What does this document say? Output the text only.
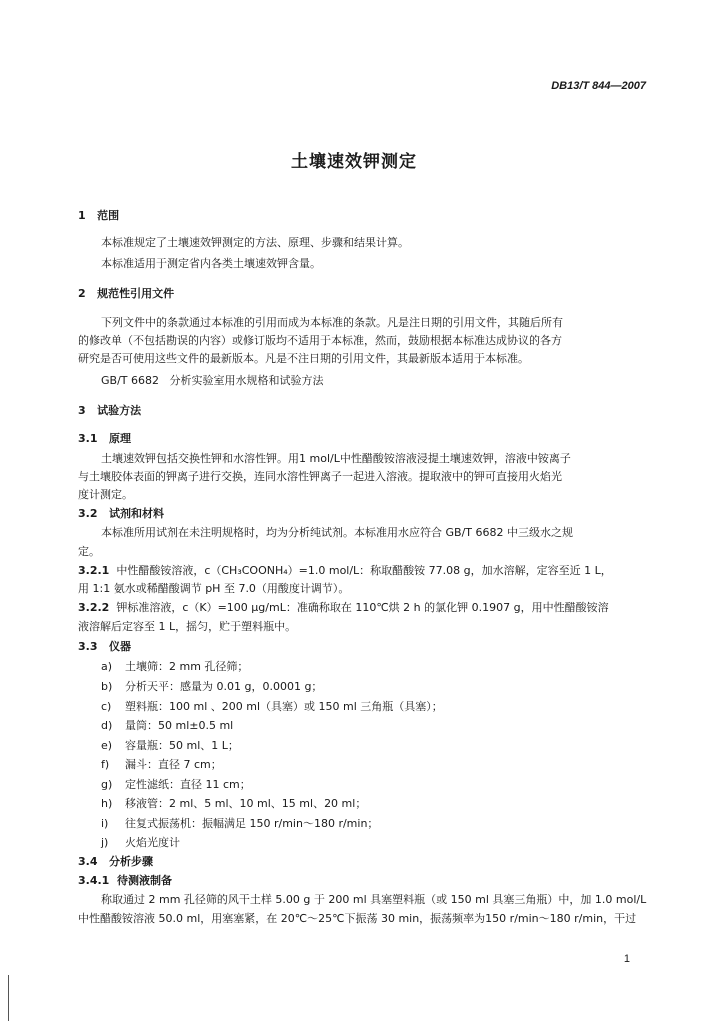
DB13/T 844—2007
土壤速效钾测定
1 范围
本标准规定了土壤速效钾测定的方法、原理、步骤和结果计算。
本标准适用于测定省内各类土壤速效钾含量。
2 规范性引用文件
下列文件中的条款通过本标准的引用而成为本标准的条款。凡是注日期的引用文件，其随后所有
的修改单（不包括勘误的内容）或修订版均不适用于本标准，然而，鼓励根据本标准达成协议的各方
研究是否可使用这些文件的最新版本。凡是不注日期的引用文件，其最新版本适用于本标准。
GB/T 6682 分析实验室用水规格和试验方法
3 试验方法
3.1 原理
土壤速效钾包括交换性钾和水溶性钾。用1 mol/L中性醋酸铵溶液浸提土壤速效钾，溶液中铵离子
与土壤胶体表面的钾离子进行交换，连同水溶性钾离子一起进入溶液。提取液中的钾可直接用火焰光
度计测定。
3.2 试剂和材料
本标准所用试剂在未注明规格时，均为分析纯试剂。本标准用水应符合 GB/T 6682 中三级水之规
定。
3.2.1 中性醋酸铵溶液，c（CH₃COONH₄）=1.0 mol/L：称取醋酸铵 77.08 g，加水溶解，定容至近 1 L，
用 1:1 氨水或稀醋酸调节 pH 至 7.0（用酸度计调节）。
3.2.2 钾标准溶液，c（K）=100 μg/mL：准确称取在 110℃烘 2 h 的氯化钾 0.1907 g，用中性醋酸铵溶
液溶解后定容至 1 L，摇匀，贮于塑料瓶中。
3.3 仪器
a) 土壤筛：2 mm 孔径筛；
b) 分析天平：感量为 0.01 g，0.0001 g；
c) 塑料瓶：100 ml 、200 ml（具塞）或 150 ml 三角瓶（具塞）；
d) 量筒：50 ml±0.5 ml
e) 容量瓶：50 ml、1 L；
f) 漏斗：直径 7 cm；
g) 定性滤纸：直径 11 cm；
h) 移液管：2 ml、5 ml、10 ml、15 ml、20 ml；
i) 往复式振荡机：振幅满足 150 r/min～180 r/min；
j) 火焰光度计
3.4 分析步骤
3.4.1 待测液制备
称取通过 2 mm 孔径筛的风干土样 5.00 g 于 200 ml 具塞塑料瓶（或 150 ml 具塞三角瓶）中，加 1.0 mol/L
中性醋酸铵溶液 50.0 ml，用塞塞紧，在 20℃～25℃下振荡 30 min，振荡频率为150 r/min～180 r/min，干过
1
